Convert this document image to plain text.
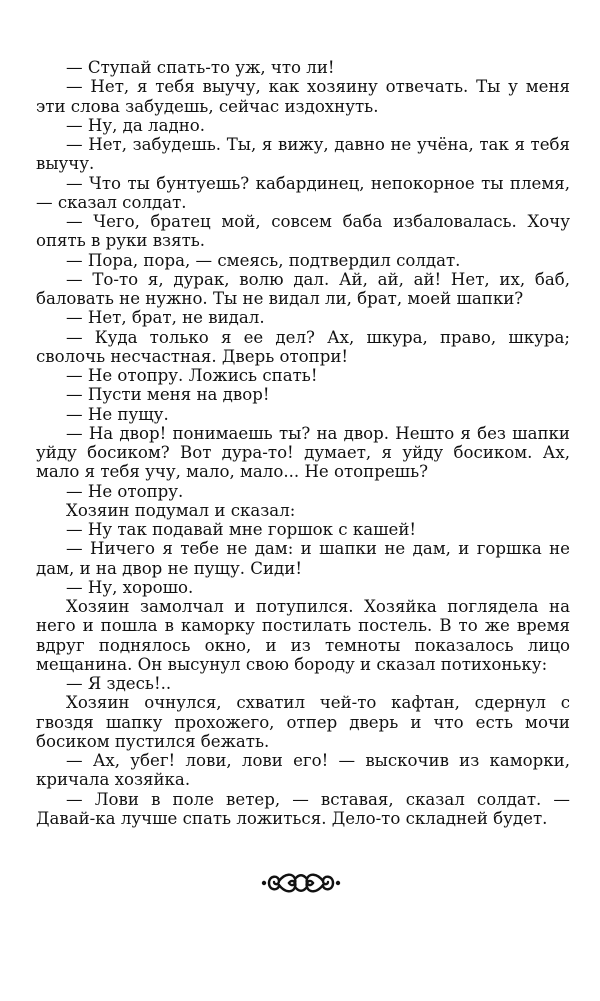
— Ступай спать-то уж, что ли!

— Нет, я тебя выучу, как хозяину отвечать. Ты у меня эти слова забудешь, сейчас издохнуть.

— Ну, да ладно.

— Нет, забудешь. Ты, я вижу, давно не учёна, так я тебя выучу.

— Что ты бунтуешь? кабардинец, непокорное ты племя, — сказал солдат.

— Чего, братец мой, совсем баба избаловалась. Хочу опять в руки взять.

— Пора, пора, — смеясь, подтвердил солдат.

— То-то я, дурак, волю дал. Ай, ай, ай! Нет, их, баб, баловать не нужно. Ты не видал ли, брат, моей шапки?

— Нет, брат, не видал.

— Куда только я ее дел? Ах, шкура, право, шкура; сволочь несчастная. Дверь отопри!

— Не отопру. Ложись спать!

— Пусти меня на двор!

— Не пущу.

— На двор! понимаешь ты? на двор. Нешто я без шапки уйду босиком? Вот дура-то! думает, я уйду босиком. Ах, мало я тебя учу, мало, мало... Не отопрешь?

— Не отопру.

Хозяин подумал и сказал:

— Ну так подавай мне горшок с кашей!

— Ничего я тебе не дам: и шапки не дам, и горшка не дам, и на двор не пущу. Сиди!

— Ну, хорошо.

Хозяин замолчал и потупился. Хозяйка поглядела на него и пошла в каморку постилать постель. В то же время вдруг поднялось окно, и из темноты показалось лицо мещанина. Он высунул свою бороду и сказал потихоньку:

— Я здесь!..

Хозяин очнулся, схватил чей-то кафтан, сдернул с гвоздя шапку прохожего, отпер дверь и что есть мочи босиком пустился бежать.

— Ах, убег! лови, лови его! — выскочив из каморки, кричала хозяйка.

— Лови в поле ветер, — вставая, сказал солдат. — Давай-ка лучше спать ложиться. Дело-то складней будет.
